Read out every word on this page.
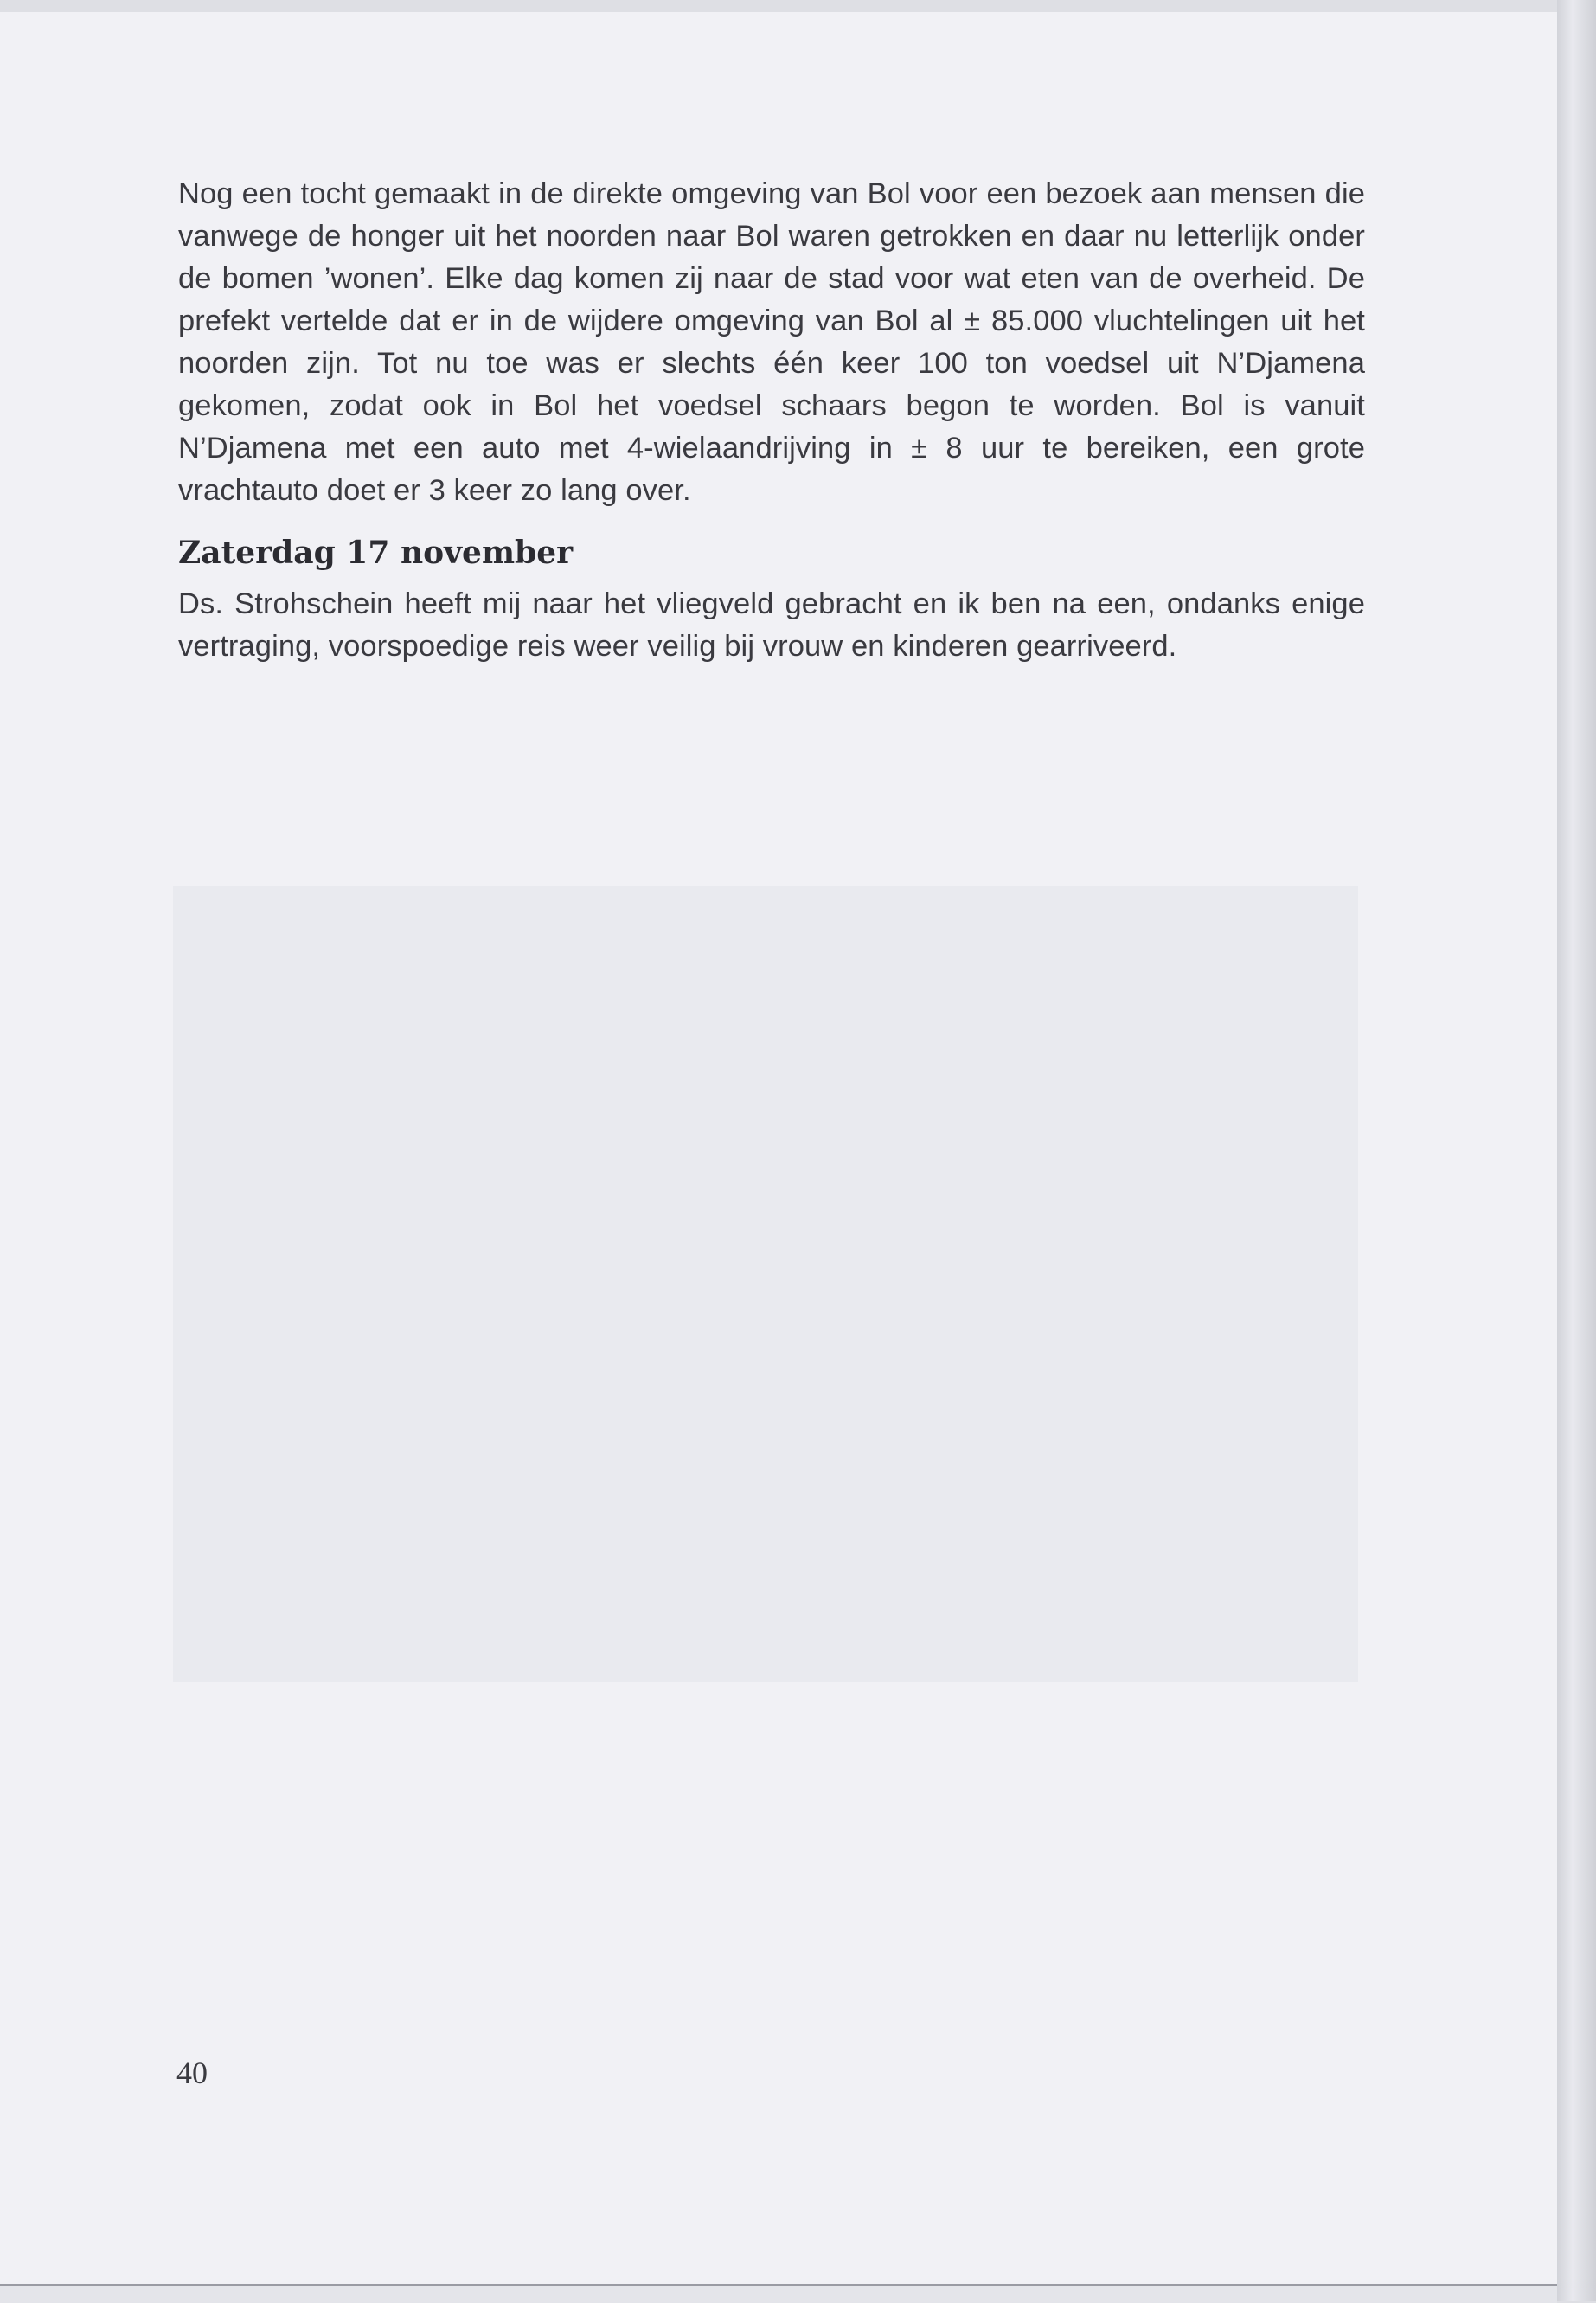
Nog een tocht gemaakt in de direkte omgeving van Bol voor een bezoek aan mensen die vanwege de honger uit het noorden naar Bol waren getrokken en daar nu letterlijk onder de bomen ’wonen’. Elke dag komen zij naar de stad voor wat eten van de overheid. De prefekt vertelde dat er in de wijdere omgeving van Bol al ± 85.000 vluchtelingen uit het noorden zijn. Tot nu toe was er slechts één keer 100 ton voedsel uit N’Djamena gekomen, zodat ook in Bol het voedsel schaars begon te worden. Bol is vanuit N’Djamena met een auto met 4-wielaandrijving in ± 8 uur te bereiken, een grote vrachtauto doet er 3 keer zo lang over.

Zaterdag 17 november

Ds. Strohschein heeft mij naar het vliegveld gebracht en ik ben na een, ondanks enige vertraging, voorspoedige reis weer veilig bij vrouw en kinderen gearriveerd.

40
